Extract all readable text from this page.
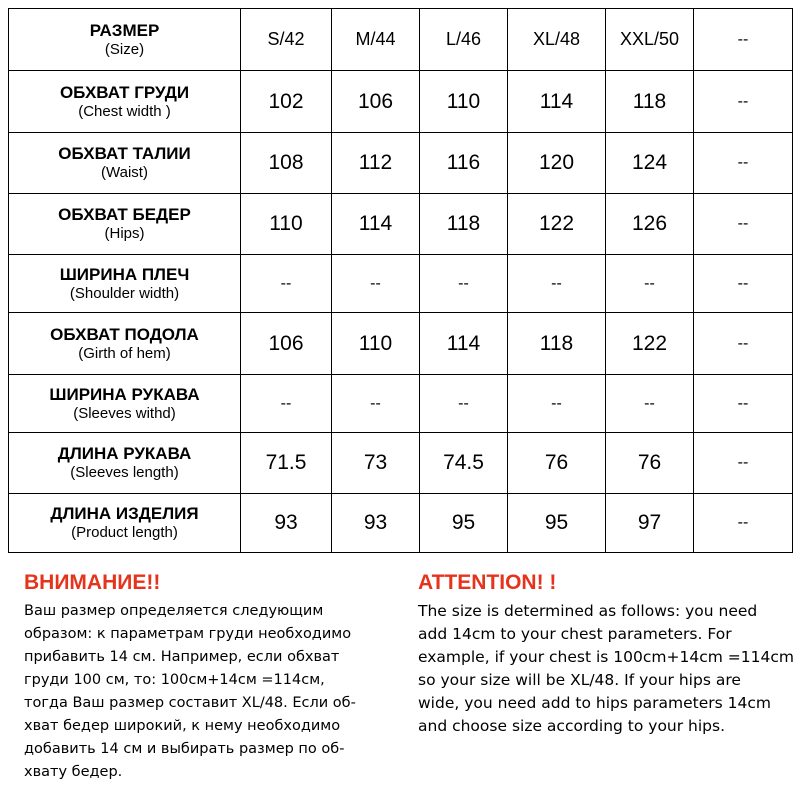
РАЗМЕР
(Size)	S/42	M/44	L/46	XL/48	XXL/50	--

ОБХВАТ ГРУДИ
(Chest width )	102	106	110	114	118	--

ОБХВАТ ТАЛИИ
(Waist)	108	112	116	120	124	--

ОБХВАТ БЕДЕР
(Hips)	110	114	118	122	126	--

ШИРИНА ПЛЕЧ
(Shoulder width)	--	--	--	--	--	--

ОБХВАТ ПОДОЛА
(Girth of hem)	106	110	114	118	122	--

ШИРИНА РУКАВА
(Sleeves withd)	--	--	--	--	--	--

ДЛИНА РУКАВА
(Sleeves length)	71.5	73	74.5	76	76	--

ДЛИНА ИЗДЕЛИЯ
(Product length)	93	93	95	95	97	--
ВНИМАНИЕ!!
Ваш размер определяется следующим
образом: к параметрам груди необходимо
прибавить 14 см. Например, если обхват
груди 100 см, то: 100см+14см =114см,
тогда Ваш размер составит XL/48. Если об-
хват бедер широкий, к нему необходимо
добавить 14 см и выбирать размер по об-
хвату бедер.
ATTENTION! !
The size is determined as follows: you need
add 14cm to your chest parameters. For
example, if your chest is 100cm+14cm =114cm
so your size will be XL/48. If your hips are
wide, you need add to hips parameters 14cm
and choose size according to your hips.
